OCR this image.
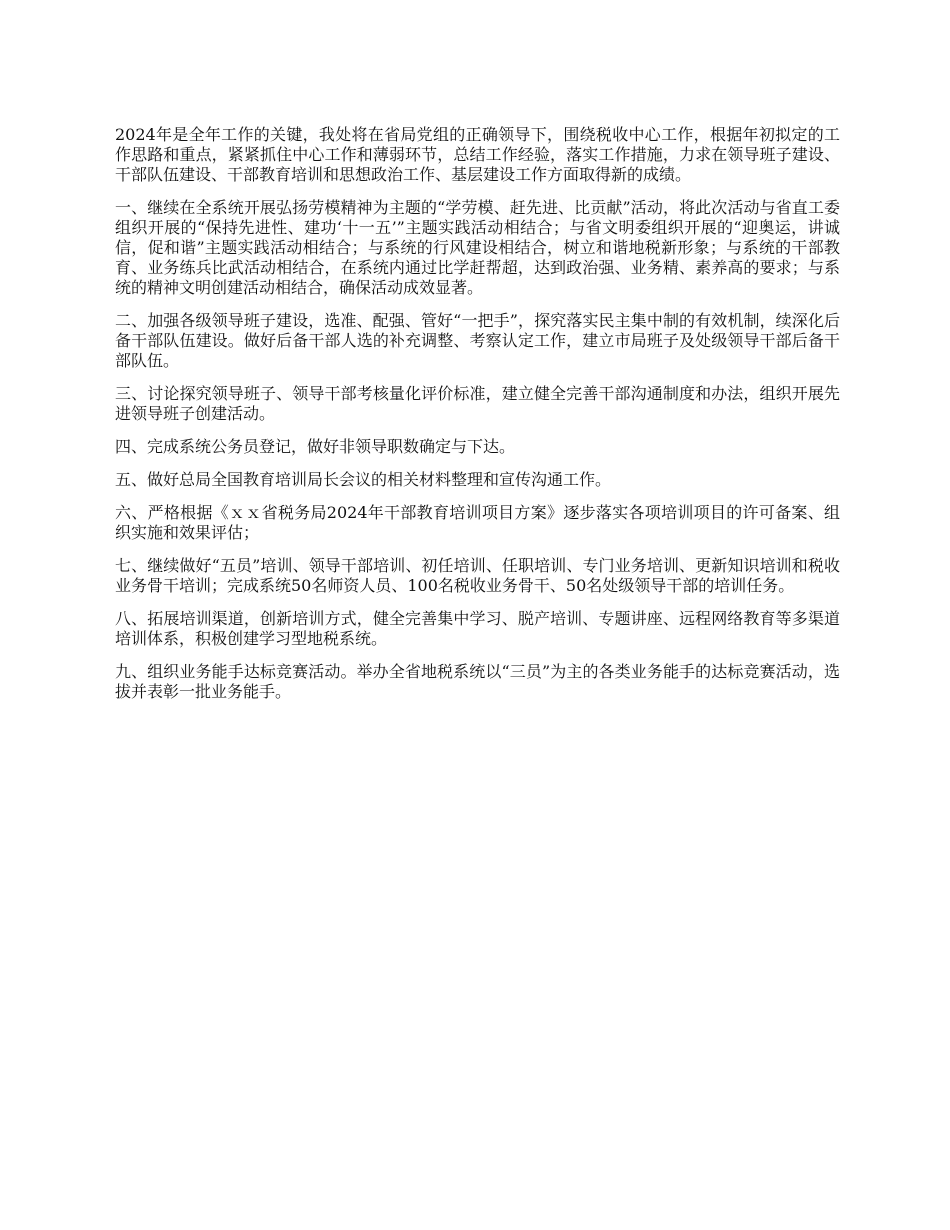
2024年是全年工作的关键，我处将在省局党组的正确领导下，围绕税收中心工作，根据年初拟定的工作思路和重点，紧紧抓住中心工作和薄弱环节，总结工作经验，落实工作措施，力求在领导班子建设、干部队伍建设、干部教育培训和思想政治工作、基层建设工作方面取得新的成绩。

一、继续在全系统开展弘扬劳模精神为主题的“学劳模、赶先进、比贡献”活动，将此次活动与省直工委组织开展的“保持先进性、建功‘十一五’”主题实践活动相结合；与省文明委组织开展的“迎奥运，讲诚信，促和谐”主题实践活动相结合；与系统的行风建设相结合，树立和谐地税新形象；与系统的干部教育、业务练兵比武活动相结合，在系统内通过比学赶帮超，达到政治强、业务精、素养高的要求；与系统的精神文明创建活动相结合，确保活动成效显著。

二、加强各级领导班子建设，选准、配强、管好“一把手”，探究落实民主集中制的有效机制，续深化后备干部队伍建设。做好后备干部人选的补充调整、考察认定工作，建立市局班子及处级领导干部后备干部队伍。

三、讨论探究领导班子、领导干部考核量化评价标准，建立健全完善干部沟通制度和办法，组织开展先进领导班子创建活动。

四、完成系统公务员登记，做好非领导职数确定与下达。

五、做好总局全国教育培训局长会议的相关材料整理和宣传沟通工作。

六、严格根据《ｘｘ省税务局2024年干部教育培训项目方案》逐步落实各项培训项目的许可备案、组织实施和效果评估；

七、继续做好“五员”培训、领导干部培训、初任培训、任职培训、专门业务培训、更新知识培训和税收业务骨干培训；完成系统50名师资人员、100名税收业务骨干、50名处级领导干部的培训任务。

八、拓展培训渠道，创新培训方式，健全完善集中学习、脱产培训、专题讲座、远程网络教育等多渠道培训体系，积极创建学习型地税系统。

九、组织业务能手达标竞赛活动。举办全省地税系统以“三员”为主的各类业务能手的达标竞赛活动，选拔并表彰一批业务能手。
